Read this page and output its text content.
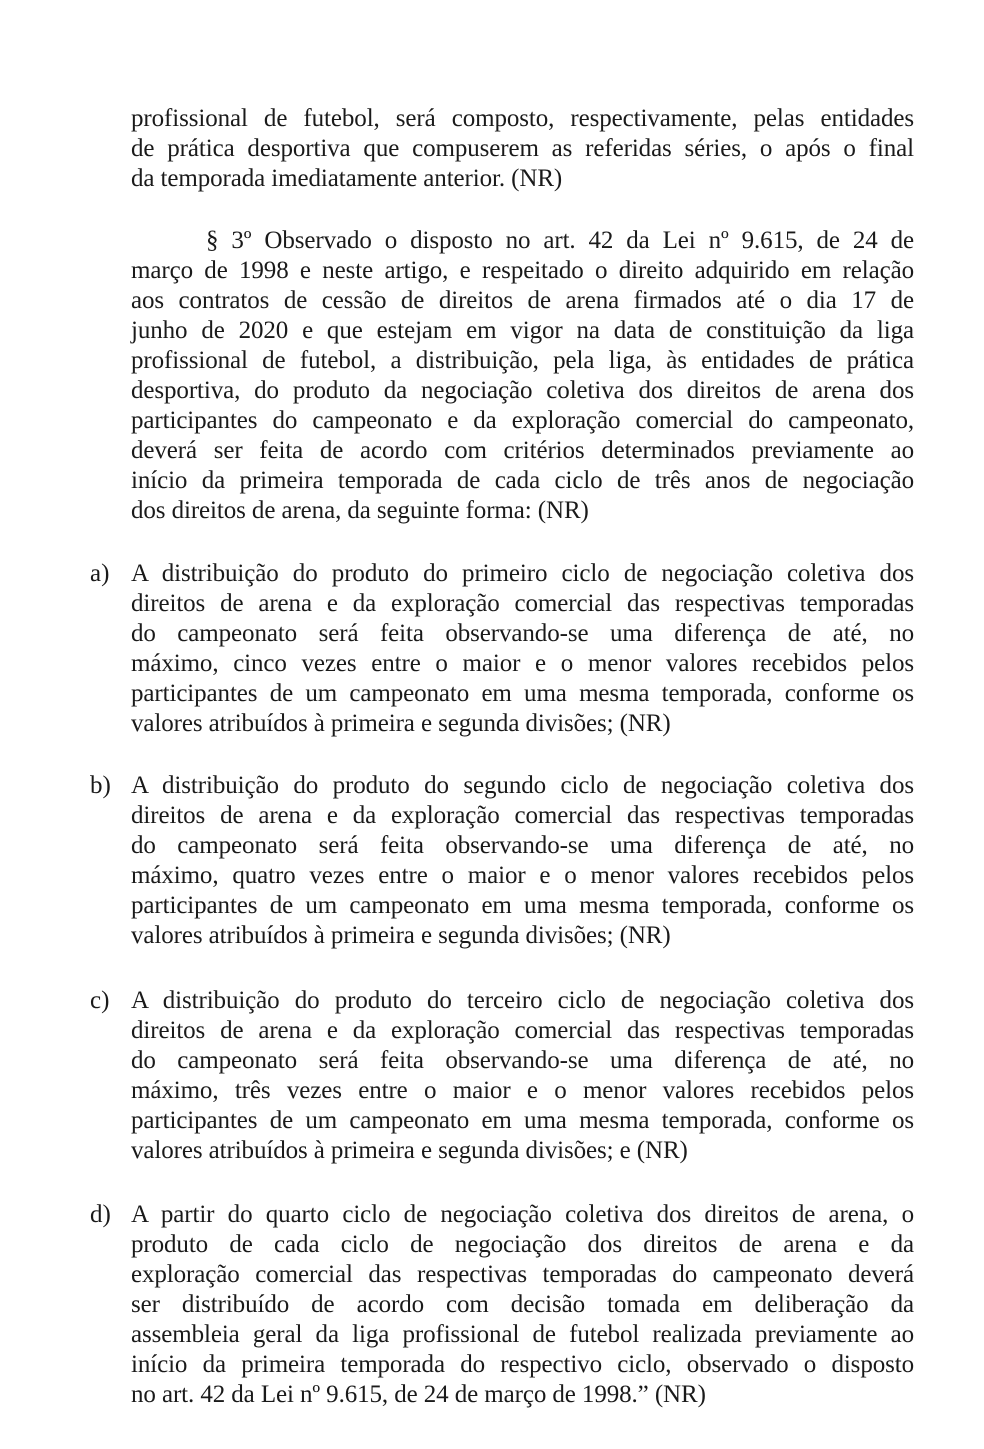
profissional de futebol, será composto, respectivamente, pelas entidades
de prática desportiva que compuserem as referidas séries, o após o final
da temporada imediatamente anterior. (NR)
§ 3º Observado o disposto no art. 42 da Lei nº 9.615, de 24 de
março de 1998 e neste artigo, e respeitado o direito adquirido em relação
aos contratos de cessão de direitos de arena firmados até o dia 17 de
junho de 2020 e que estejam em vigor na data de constituição da liga
profissional de futebol, a distribuição, pela liga, às entidades de prática
desportiva, do produto da negociação coletiva dos direitos de arena dos
participantes do campeonato e da exploração comercial do campeonato,
deverá ser feita de acordo com critérios determinados previamente ao
início da primeira temporada de cada ciclo de três anos de negociação
dos direitos de arena, da seguinte forma: (NR)
a) A distribuição do produto do primeiro ciclo de negociação coletiva dos
direitos de arena e da exploração comercial das respectivas temporadas
do campeonato será feita observando-se uma diferença de até, no
máximo, cinco vezes entre o maior e o menor valores recebidos pelos
participantes de um campeonato em uma mesma temporada, conforme os
valores atribuídos à primeira e segunda divisões; (NR)
b) A distribuição do produto do segundo ciclo de negociação coletiva dos
direitos de arena e da exploração comercial das respectivas temporadas
do campeonato será feita observando-se uma diferença de até, no
máximo, quatro vezes entre o maior e o menor valores recebidos pelos
participantes de um campeonato em uma mesma temporada, conforme os
valores atribuídos à primeira e segunda divisões; (NR)
c) A distribuição do produto do terceiro ciclo de negociação coletiva dos
direitos de arena e da exploração comercial das respectivas temporadas
do campeonato será feita observando-se uma diferença de até, no
máximo, três vezes entre o maior e o menor valores recebidos pelos
participantes de um campeonato em uma mesma temporada, conforme os
valores atribuídos à primeira e segunda divisões; e (NR)
d) A partir do quarto ciclo de negociação coletiva dos direitos de arena, o
produto de cada ciclo de negociação dos direitos de arena e da
exploração comercial das respectivas temporadas do campeonato deverá
ser distribuído de acordo com decisão tomada em deliberação da
assembleia geral da liga profissional de futebol realizada previamente ao
início da primeira temporada do respectivo ciclo, observado o disposto
no art. 42 da Lei nº 9.615, de 24 de março de 1998.” (NR)
